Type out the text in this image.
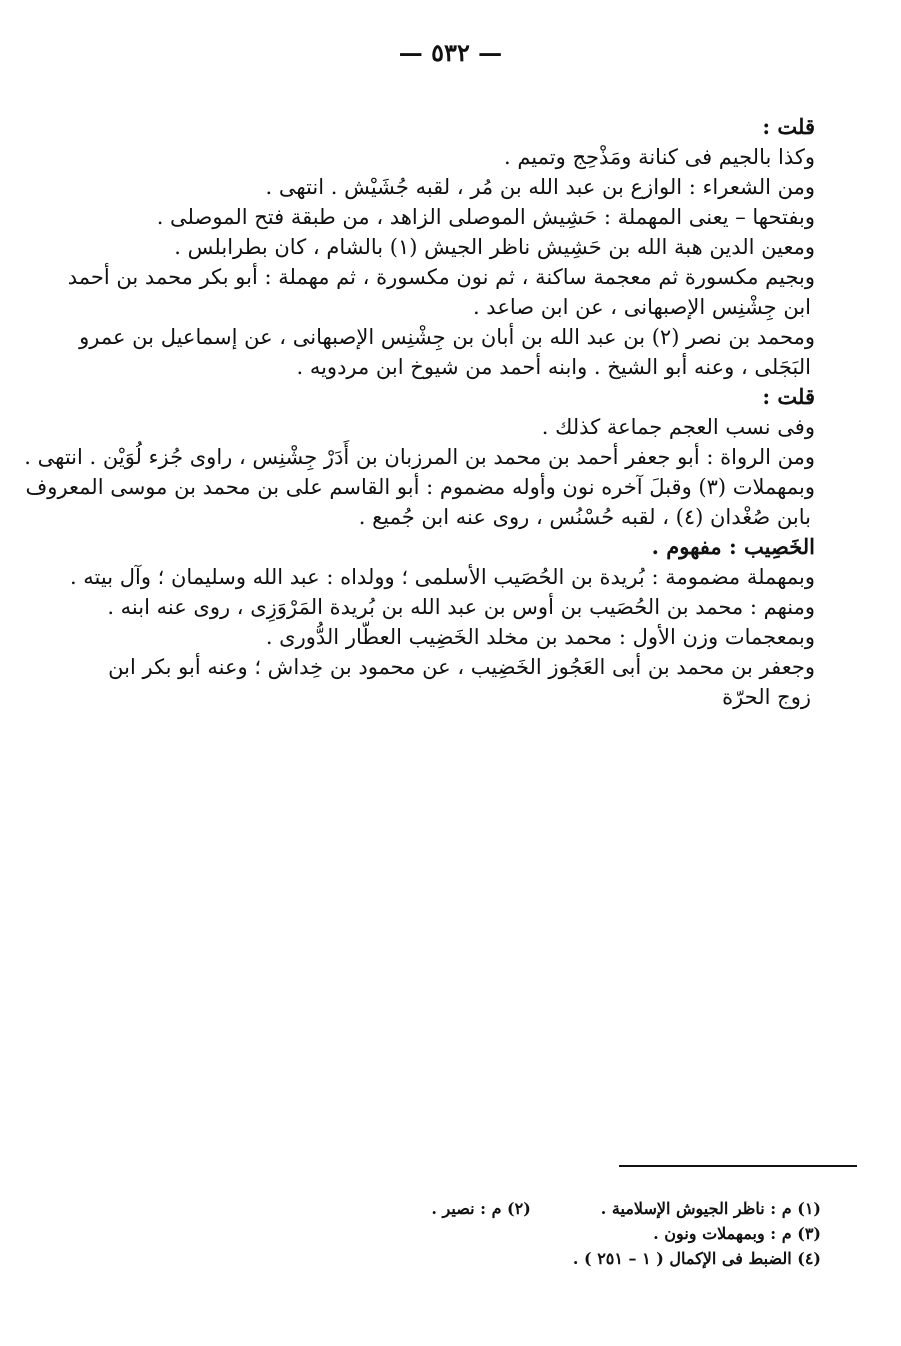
— ٥٣٢ —

قلت :

وكذا بالجيم فى كنانة ومَذْحِج وتميم .

ومن الشعراء : الوازع بن عبد الله بن مُر ، لقبه جُشَيْش . انتهى .

وبفتحها – يعنى المهملة : حَشِيش الموصلى الزاهد ، من طبقة فتح الموصلى .

ومعين الدين هبة الله بن حَشِيش ناظر الجيش (١) بالشام ، كان بطرابلس .

وبجيم مكسورة ثم معجمة ساكنة ، ثم نون مكسورة ، ثم مهملة : أبو بكر محمد بن أحمد

ابن جِشْنِس الإصبهانى ، عن ابن صاعد .

ومحمد بن نصر (٢) بن عبد الله بن أبان بن جِشْنِس الإصبهانى ، عن إسماعيل بن عمرو

البَجَلى ، وعنه أبو الشيخ . وابنه أحمد من شيوخ ابن مردويه .

قلت :

وفى نسب العجم جماعة كذلك .

ومن الرواة : أبو جعفر أحمد بن محمد بن المرزبان بن أَدَرْ جِشْنِس ، راوى جُزء لُوَيْن . انتهى .

وبمهملات (٣) وقبلَ آخره نون وأوله مضموم : أبو القاسم على بن محمد بن موسى المعروف

بابن صُغْدان (٤) ، لقبه حُسْنُس ، روى عنه ابن جُميع .

الخَصِيب : مفهوم .

وبمهملة مضمومة : بُريدة بن الحُصَيب الأسلمى ؛ وولداه : عبد الله وسليمان ؛ وآل بيته .

ومنهم : محمد بن الحُصَيب بن أوس بن عبد الله بن بُريدة المَرْوَزِى ، روى عنه ابنه .

وبمعجمات وزن الأول : محمد بن مخلد الخَضِيب العطّار الدُّورى .

وجعفر بن محمد بن أبى العَجُوز الخَضِيب ، عن محمود بن خِداش ؛ وعنه أبو بكر ابن

زوج الحرّة

(١) م : ناظر الجيوش الإسلامية .
(٢) م : نصير .
(٣) م : وبمهملات ونون .
(٤) الضبط فى الإكمال ( ١ – ٢٥١ ) .
